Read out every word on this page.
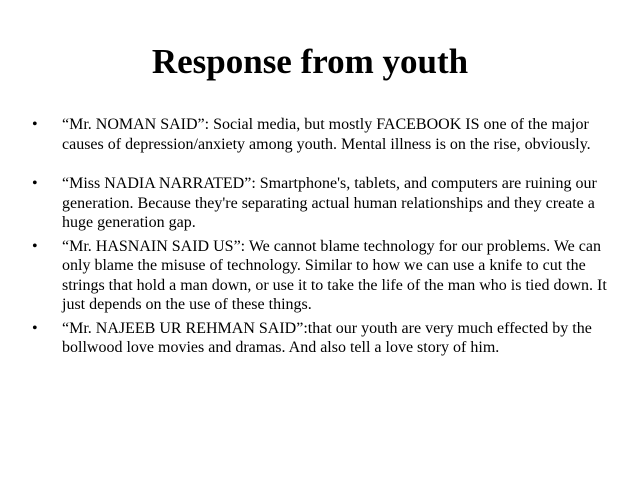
Response from youth
• “Mr. NOMAN SAID”: Social media, but mostly FACEBOOK IS one of the major causes of depression/anxiety among youth. Mental illness is on the rise, obviously.
• “Miss NADIA NARRATED”: Smartphone's, tablets, and computers are ruining our generation. Because they're separating actual human relationships and they create a huge generation gap.
• “Mr. HASNAIN SAID US”: We cannot blame technology for our problems. We can only blame the misuse of technology. Similar to how we can use a knife to cut the strings that hold a man down, or use it to take the life of the man who is tied down. It just depends on the use of these things.
• “Mr. NAJEEB UR REHMAN SAID”:that our youth are very much effected by the bollwood love movies and dramas. And also tell a love story of him.
